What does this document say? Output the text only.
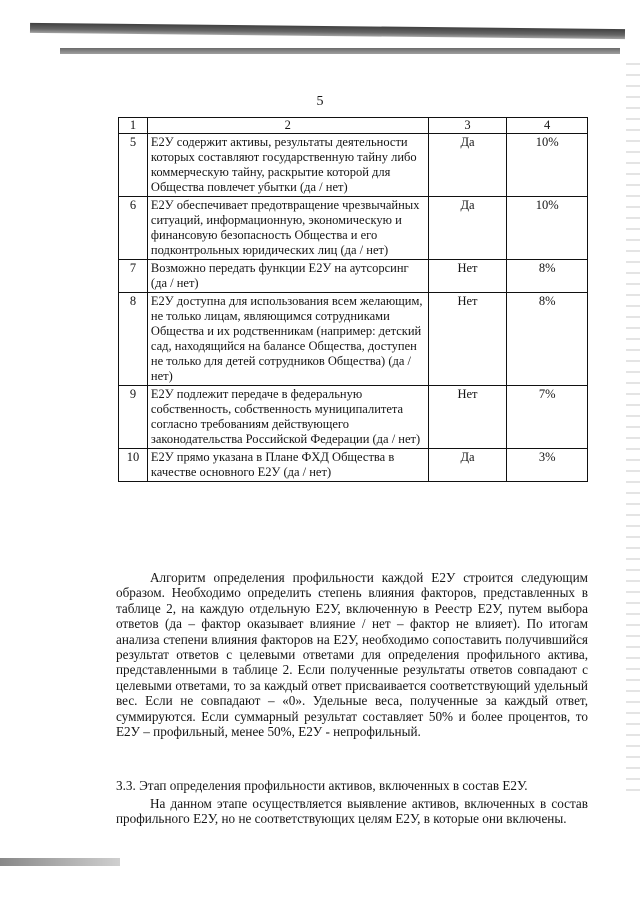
5
1	2	3	4
5	Е2У содержит активы, результаты деятельности которых составляют государственную тайну либо коммерческую тайну, раскрытие которой для Общества повлечет убытки (да / нет)	Да	10%
6	Е2У обеспечивает предотвращение чрезвычайных ситуаций, информационную, экономическую и финансовую безопасность Общества и его подконтрольных юридических лиц (да / нет)	Да	10%
7	Возможно передать функции Е2У на аутсорсинг (да / нет)	Нет	8%
8	Е2У доступна для использования всем желающим, не только лицам, являющимся сотрудниками Общества и их родственникам (например: детский сад, находящийся на балансе Общества, доступен не только для детей сотрудников Общества) (да / нет)	Нет	8%
9	Е2У подлежит передаче в федеральную собственность, собственность муниципалитета согласно требованиям действующего законодательства Российской Федерации (да / нет)	Нет	7%
10	Е2У прямо указана в Плане ФХД Общества в качестве основного Е2У (да / нет)	Да	3%

Алгоритм определения профильности каждой Е2У строится следующим образом. Необходимо определить степень влияния факторов, представленных в таблице 2, на каждую отдельную Е2У, включенную в Реестр Е2У, путем выбора ответов (да – фактор оказывает влияние / нет – фактор не влияет). По итогам анализа степени влияния факторов на Е2У, необходимо сопоставить получившийся результат ответов с целевыми ответами для определения профильного актива, представленными в таблице 2. Если полученные результаты ответов совпадают с целевыми ответами, то за каждый ответ присваивается соответствующий удельный вес. Если не совпадают – «0». Удельные веса, полученные за каждый ответ, суммируются. Если суммарный результат составляет 50% и более процентов, то Е2У – профильный, менее 50%, Е2У - непрофильный.

3.3. Этап определения профильности активов, включенных в состав Е2У.

На данном этапе осуществляется выявление активов, включенных в состав профильного Е2У, но не соответствующих целям Е2У, в которые они включены.
